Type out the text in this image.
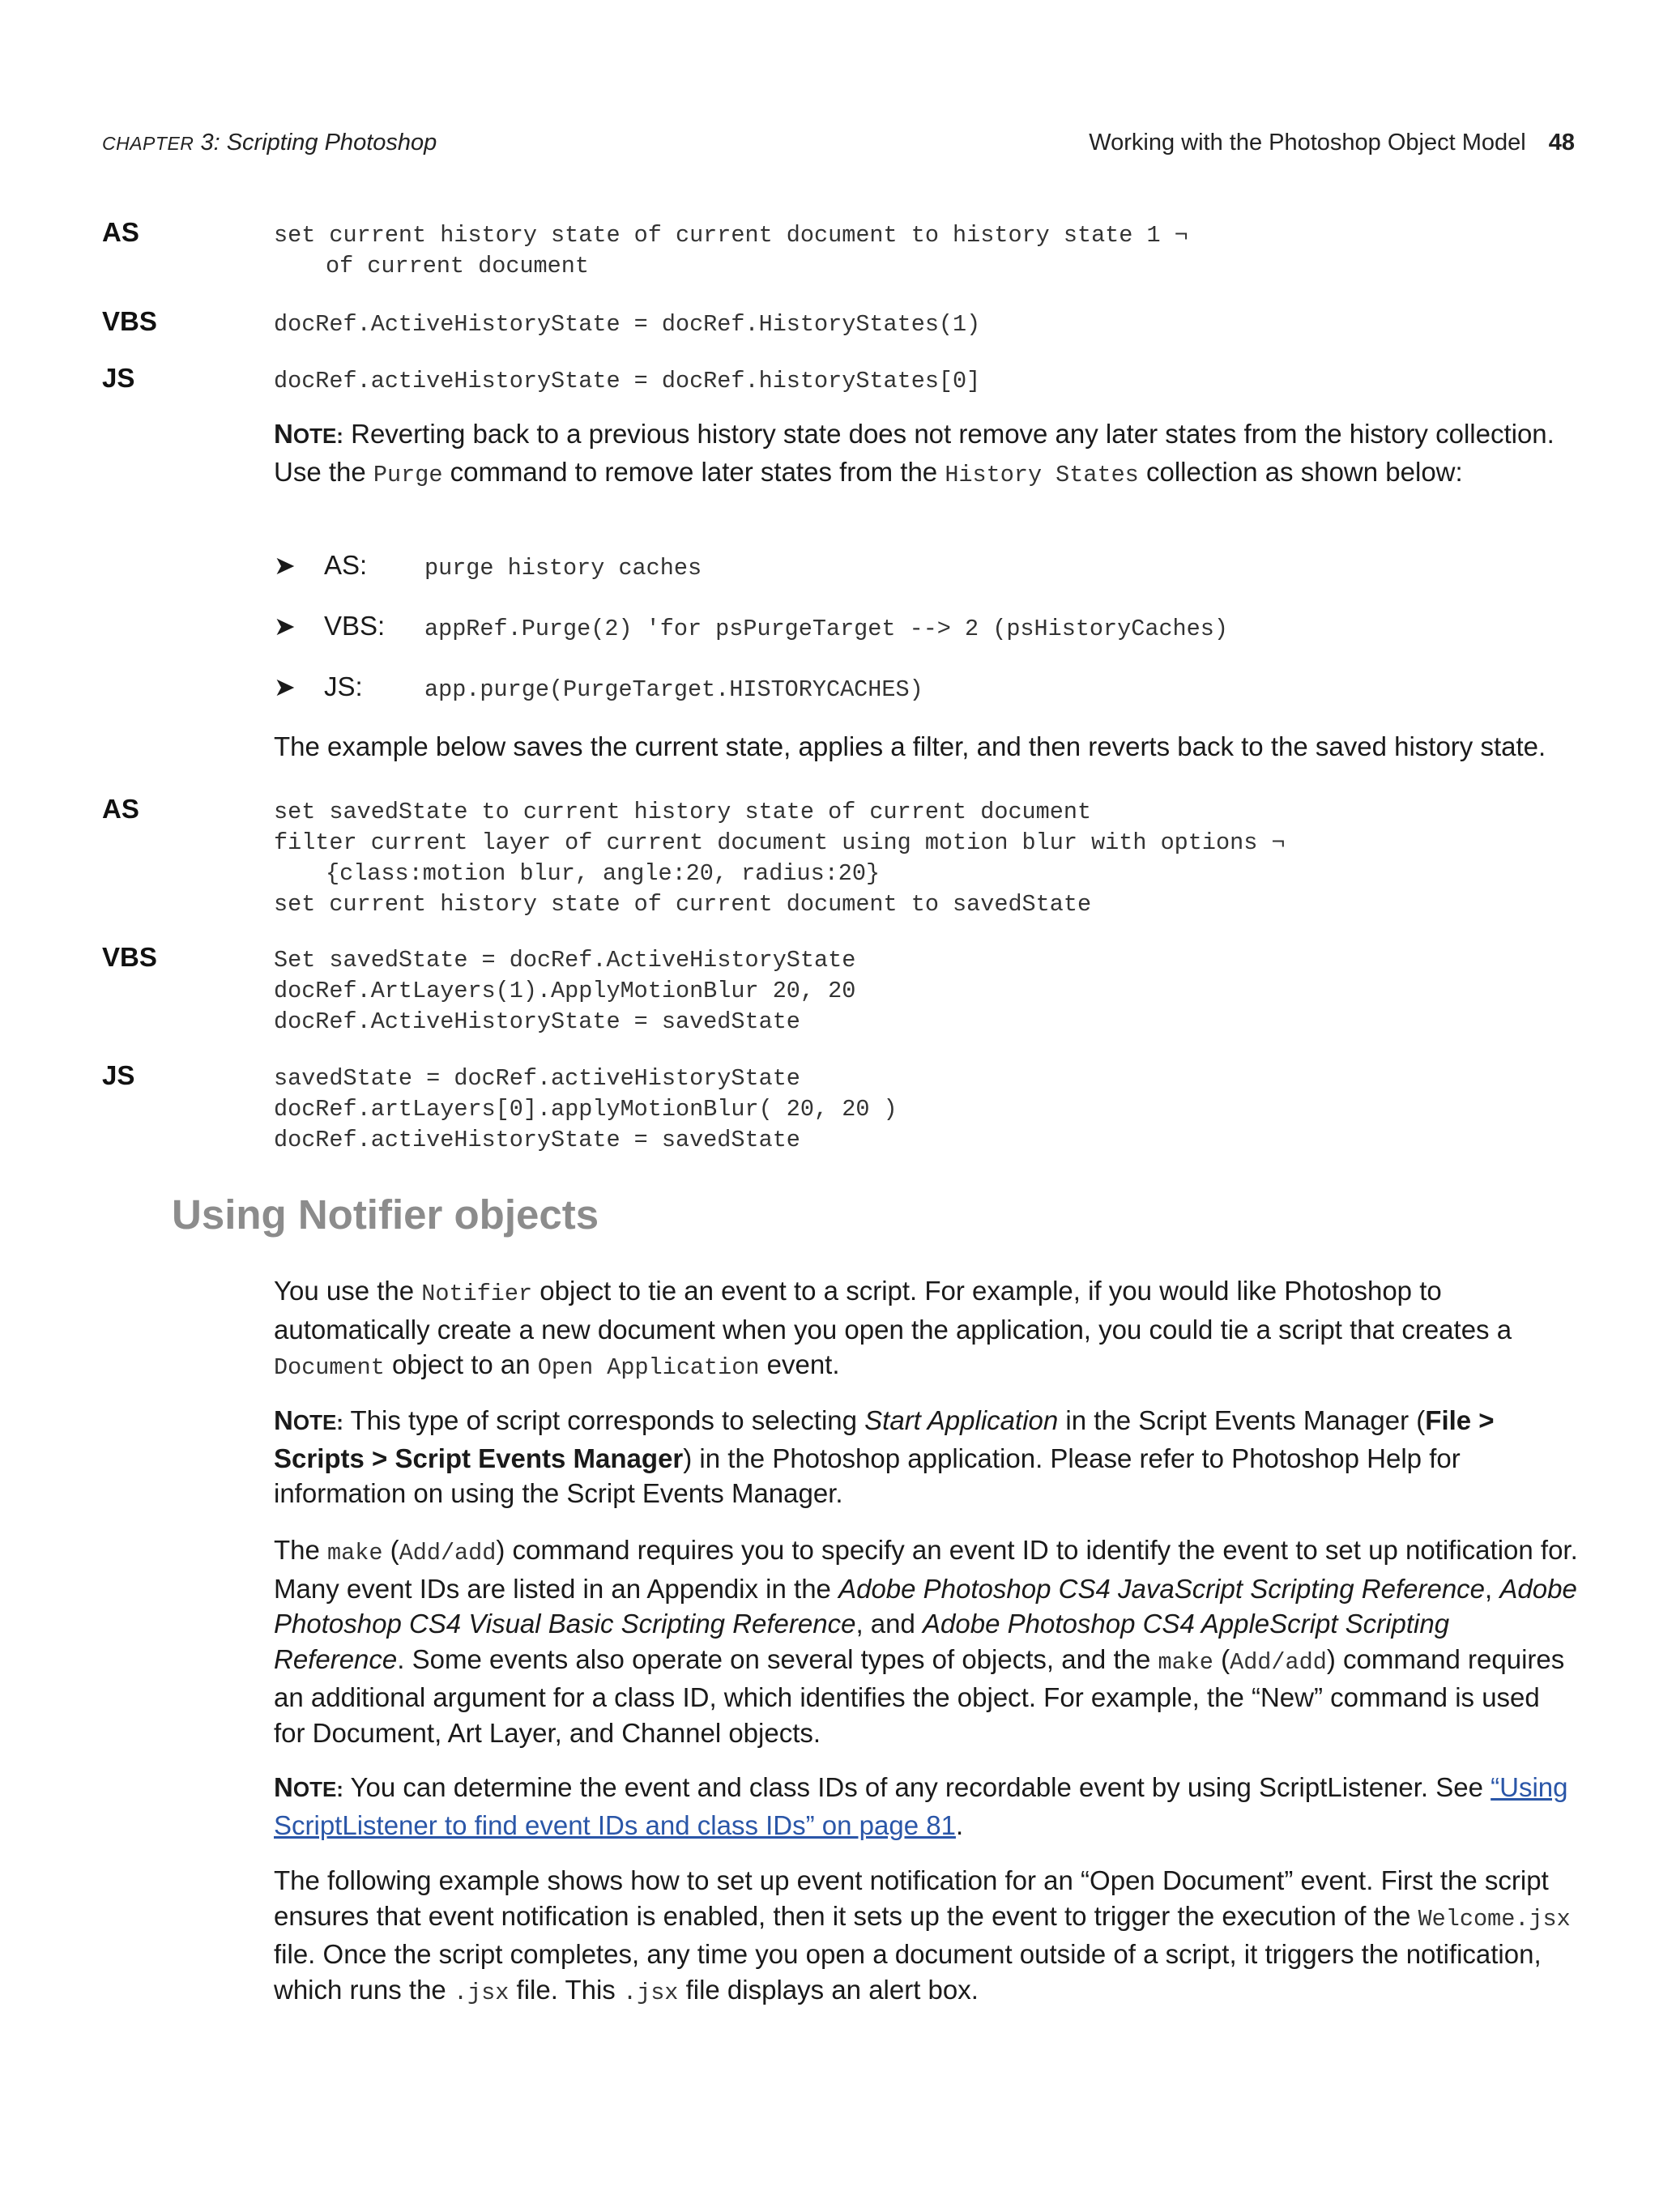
CHAPTER 3: Scripting Photoshop	Working with the Photoshop Object Model 48
AS	set current history state of current document to history state 1 ¬
of current document
VBS	docRef.ActiveHistoryState = docRef.HistoryStates(1)
JS	docRef.activeHistoryState = docRef.historyStates[0]

NOTE: Reverting back to a previous history state does not remove any later states from the history collection. Use the Purge command to remove later states from the History States collection as shown below:

➤ AS: purge history caches
➤ VBS: appRef.Purge(2) 'for psPurgeTarget --> 2 (psHistoryCaches)
➤ JS:	app.purge(PurgeTarget.HISTORYCACHES)

The example below saves the current state, applies a filter, and then reverts back to the saved history state.

AS	set savedState to current history state of current document
filter current layer of current document using motion blur with options ¬
{class:motion blur, angle:20, radius:20}
set current history state of current document to savedState
VBS	Set savedState = docRef.ActiveHistoryState
docRef.ArtLayers(1).ApplyMotionBlur 20, 20
docRef.ActiveHistoryState = savedState
JS	savedState = docRef.activeHistoryState
docRef.artLayers[0].applyMotionBlur( 20, 20 )
docRef.activeHistoryState = savedState
Using Notifier objects

You use the Notifier object to tie an event to a script. For example, if you would like Photoshop to automatically create a new document when you open the application, you could tie a script that creates a Document object to an Open Application event.

NOTE: This type of script corresponds to selecting Start Application in the Script Events Manager (File > Scripts > Script Events Manager) in the Photoshop application. Please refer to Photoshop Help for information on using the Script Events Manager.

The make (Add/add) command requires you to specify an event ID to identify the event to set up notification for. Many event IDs are listed in an Appendix in the Adobe Photoshop CS4 JavaScript Scripting Reference, Adobe Photoshop CS4 Visual Basic Scripting Reference, and Adobe Photoshop CS4 AppleScript Scripting Reference. Some events also operate on several types of objects, and the make (Add/add) command requires an additional argument for a class ID, which identifies the object. For example, the “New” command is used for Document, Art Layer, and Channel objects.

NOTE: You can determine the event and class IDs of any recordable event by using ScriptListener. See “Using ScriptListener to find event IDs and class IDs” on page 81.

The following example shows how to set up event notification for an “Open Document” event. First the script ensures that event notification is enabled, then it sets up the event to trigger the execution of the Welcome.jsx file. Once the script completes, any time you open a document outside of a script, it triggers the notification, which runs the .jsx file. This .jsx file displays an alert box.
